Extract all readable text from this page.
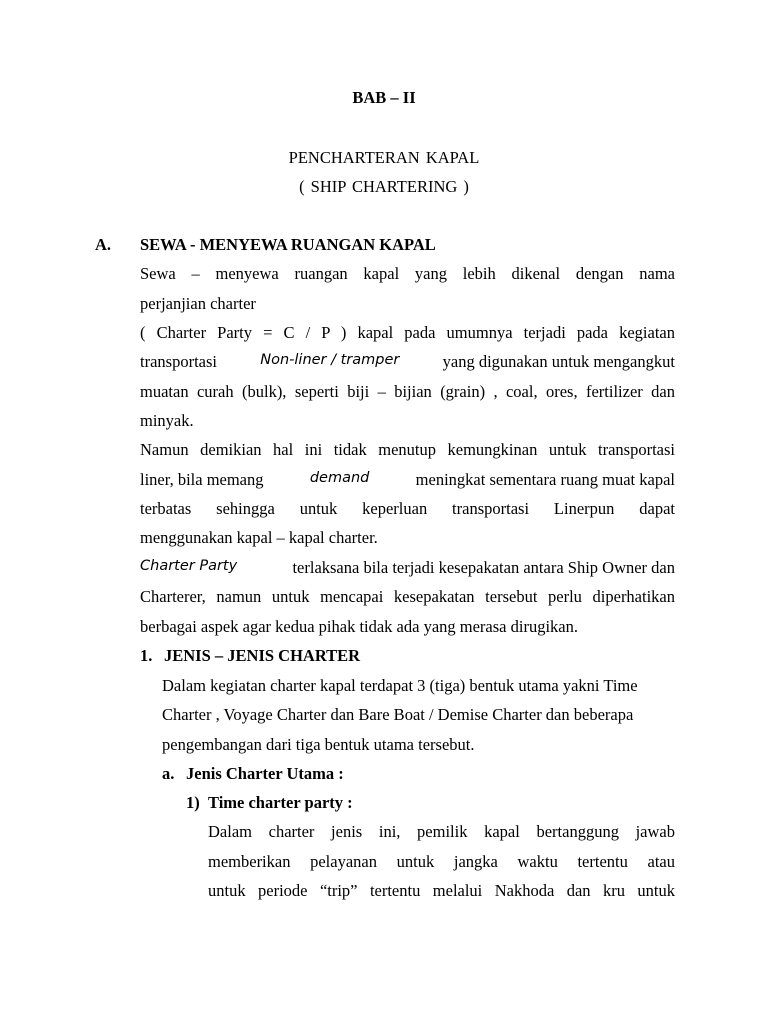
BAB – II
PENCHARTERAN KAPAL
( SHIP CHARTERING )
A. SEWA - MENYEWA RUANGAN KAPAL
Sewa – menyewa ruangan kapal yang lebih dikenal dengan nama
perjanjian charter
( Charter Party = C / P ) kapal pada umumnya terjadi pada kegiatan
transportasi	Non-liner / tramper	yang digunakan untuk mengangkut
muatan curah (bulk), seperti biji – bijian (grain) , coal, ores, fertilizer dan
minyak.
Namun demikian hal ini tidak menutup kemungkinan untuk transportasi
liner, bila memang	demand	meningkat sementara ruang muat kapal
terbatas sehingga untuk keperluan transportasi Linerpun dapat
menggunakan kapal – kapal charter.
Charter Party	terlaksana bila terjadi kesepakatan antara Ship Owner dan
Charterer, namun untuk mencapai kesepakatan tersebut perlu diperhatikan
berbagai aspek agar kedua pihak tidak ada yang merasa dirugikan.
1. JENIS – JENIS CHARTER
Dalam kegiatan charter kapal terdapat 3 (tiga) bentuk utama yakni Time
Charter , Voyage Charter dan Bare Boat / Demise Charter dan beberapa
pengembangan dari tiga bentuk utama tersebut.
a. Jenis Charter Utama :
1) Time charter party :
Dalam charter jenis ini, pemilik kapal bertanggung jawab
memberikan pelayanan untuk jangka waktu tertentu atau
untuk periode “trip” tertentu melalui Nakhoda dan kru untuk
